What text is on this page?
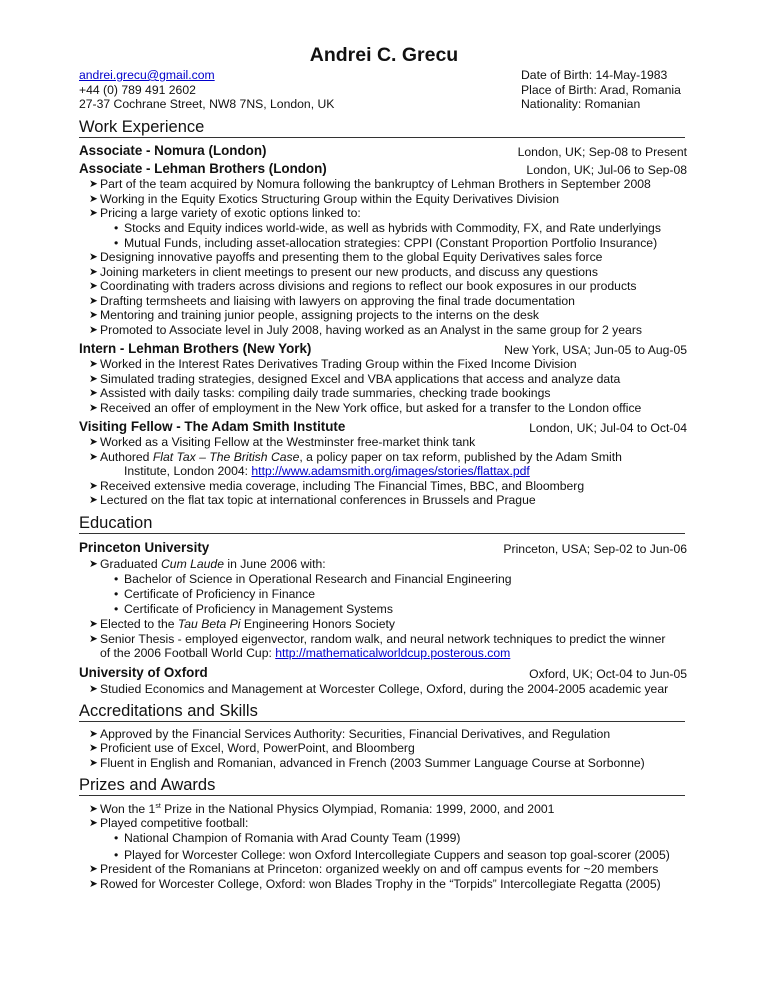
Andrei C. Grecu
andrei.grecu@gmail.com
+44 (0) 789 491 2602
27-37 Cochrane Street, NW8 7NS, London, UK
Date of Birth: 14-May-1983
Place of Birth: Arad, Romania
Nationality: Romanian
Work Experience
Associate - Nomura (London)	London, UK; Sep-08 to Present
Associate - Lehman Brothers (London)	London, UK; Jul-06 to Sep-08
➤ Part of the team acquired by Nomura following the bankruptcy of Lehman Brothers in September 2008
➤ Working in the Equity Exotics Structuring Group within the Equity Derivatives Division
➤ Pricing a large variety of exotic options linked to:
• Stocks and Equity indices world-wide, as well as hybrids with Commodity, FX, and Rate underlyings
• Mutual Funds, including asset-allocation strategies: CPPI (Constant Proportion Portfolio Insurance)
➤ Designing innovative payoffs and presenting them to the global Equity Derivatives sales force
➤ Joining marketers in client meetings to present our new products, and discuss any questions
➤ Coordinating with traders across divisions and regions to reflect our book exposures in our products
➤ Drafting termsheets and liaising with lawyers on approving the final trade documentation
➤ Mentoring and training junior people, assigning projects to the interns on the desk
➤ Promoted to Associate level in July 2008, having worked as an Analyst in the same group for 2 years
Intern - Lehman Brothers (New York)	New York, USA; Jun-05 to Aug-05
➤ Worked in the Interest Rates Derivatives Trading Group within the Fixed Income Division
➤ Simulated trading strategies, designed Excel and VBA applications that access and analyze data
➤ Assisted with daily tasks: compiling daily trade summaries, checking trade bookings
➤ Received an offer of employment in the New York office, but asked for a transfer to the London office
Visiting Fellow - The Adam Smith Institute	London, UK; Jul-04 to Oct-04
➤ Worked as a Visiting Fellow at the Westminster free-market think tank
➤ Authored Flat Tax – The British Case, a policy paper on tax reform, published by the Adam Smith
Institute, London 2004: http://www.adamsmith.org/images/stories/flattax.pdf
➤ Received extensive media coverage, including The Financial Times, BBC, and Bloomberg
➤ Lectured on the flat tax topic at international conferences in Brussels and Prague
Education
Princeton University	Princeton, USA; Sep-02 to Jun-06
➤ Graduated Cum Laude in June 2006 with:
• Bachelor of Science in Operational Research and Financial Engineering
• Certificate of Proficiency in Finance
• Certificate of Proficiency in Management Systems
➤ Elected to the Tau Beta Pi Engineering Honors Society
➤ Senior Thesis - employed eigenvector, random walk, and neural network techniques to predict the winner
of the 2006 Football World Cup: http://mathematicalworldcup.posterous.com
University of Oxford	Oxford, UK; Oct-04 to Jun-05
➤ Studied Economics and Management at Worcester College, Oxford, during the 2004-2005 academic year
Accreditations and Skills
➤ Approved by the Financial Services Authority: Securities, Financial Derivatives, and Regulation
➤ Proficient use of Excel, Word, PowerPoint, and Bloomberg
➤ Fluent in English and Romanian, advanced in French (2003 Summer Language Course at Sorbonne)
Prizes and Awards
➤ Won the 1st Prize in the National Physics Olympiad, Romania: 1999, 2000, and 2001
➤ Played competitive football:
• National Champion of Romania with Arad County Team (1999)
• Played for Worcester College: won Oxford Intercollegiate Cuppers and season top goal-scorer (2005)
➤ President of the Romanians at Princeton: organized weekly on and off campus events for ~20 members
➤ Rowed for Worcester College, Oxford: won Blades Trophy in the “Torpids” Intercollegiate Regatta (2005)
